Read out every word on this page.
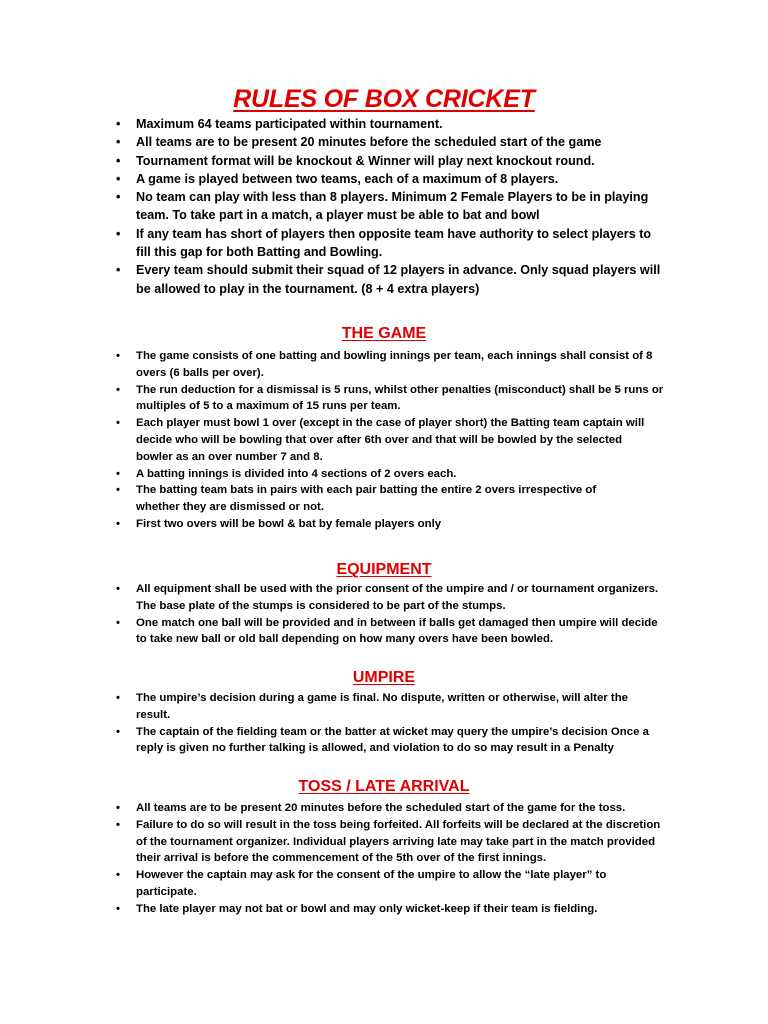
RULES OF BOX CRICKET
• Maximum 64 teams participated within tournament.
• All teams are to be present 20 minutes before the scheduled start of the game
• Tournament format will be knockout & Winner will play next knockout round.
• A game is played between two teams, each of a maximum of 8 players.
• No team can play with less than 8 players. Minimum 2 Female Players to be in playing
team. To take part in a match, a player must be able to bat and bowl
• If any team has short of players then opposite team have authority to select players to
fill this gap for both Batting and Bowling.
• Every team should submit their squad of 12 players in advance. Only squad players will
be allowed to play in the tournament. (8 + 4 extra players)
THE GAME
• The game consists of one batting and bowling innings per team, each innings shall consist of 8
overs (6 balls per over).
• The run deduction for a dismissal is 5 runs, whilst other penalties (misconduct) shall be 5 runs or
multiples of 5 to a maximum of 15 runs per team.
• Each player must bowl 1 over (except in the case of player short) the Batting team captain will
decide who will be bowling that over after 6th over and that will be bowled by the selected
bowler as an over number 7 and 8.
• A batting innings is divided into 4 sections of 2 overs each.
• The batting team bats in pairs with each pair batting the entire 2 overs irrespective of
whether they are dismissed or not.
• First two overs will be bowl & bat by female players only
EQUIPMENT
• All equipment shall be used with the prior consent of the umpire and / or tournament organizers.
The base plate of the stumps is considered to be part of the stumps.
• One match one ball will be provided and in between if balls get damaged then umpire will decide
to take new ball or old ball depending on how many overs have been bowled.
UMPIRE
• The umpire’s decision during a game is final. No dispute, written or otherwise, will alter the
result.
• The captain of the fielding team or the batter at wicket may query the umpire’s decision Once a
reply is given no further talking is allowed, and violation to do so may result in a Penalty
TOSS / LATE ARRIVAL
• All teams are to be present 20 minutes before the scheduled start of the game for the toss.
• Failure to do so will result in the toss being forfeited. All forfeits will be declared at the discretion
of the tournament organizer. Individual players arriving late may take part in the match provided
their arrival is before the commencement of the 5th over of the first innings.
• However the captain may ask for the consent of the umpire to allow the “late player” to
participate.
• The late player may not bat or bowl and may only wicket-keep if their team is fielding.
